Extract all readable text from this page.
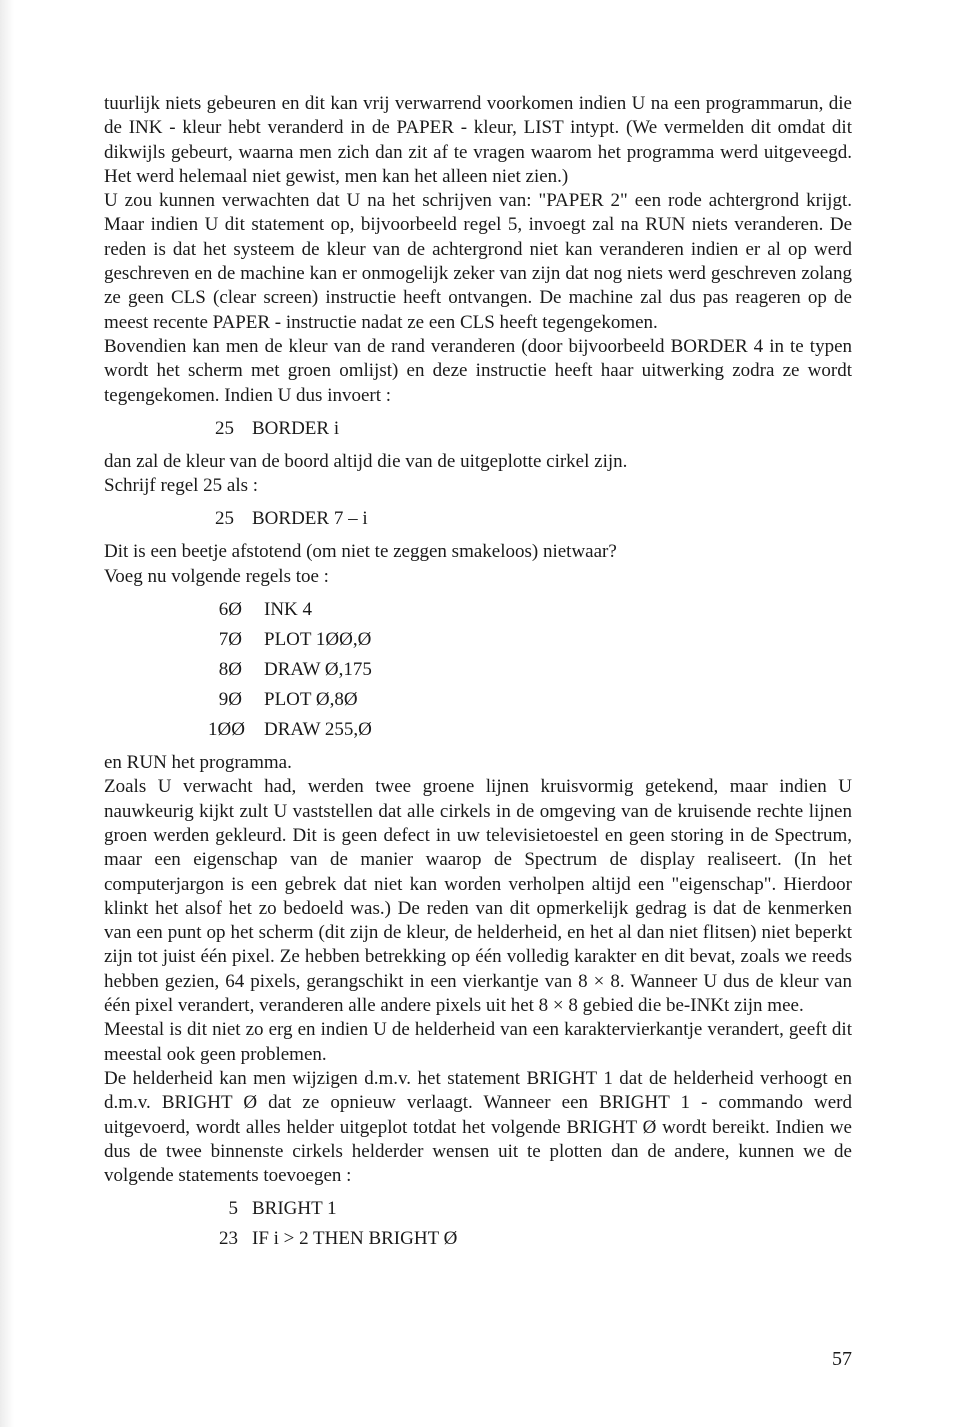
tuurlijk niets gebeuren en dit kan vrij verwarrend voorkomen indien U na een programmarun, die de INK - kleur hebt veranderd in de PAPER - kleur, LIST intypt. (We vermelden dit omdat dit dikwijls gebeurt, waarna men zich dan zit af te vragen waarom het programma werd uitgeveegd. Het werd helemaal niet gewist, men kan het alleen niet zien.)

U zou kunnen verwachten dat U na het schrijven van: "PAPER 2" een rode achtergrond krijgt. Maar indien U dit statement op, bijvoorbeeld regel 5, invoegt zal na RUN niets veranderen. De reden is dat het systeem de kleur van de achtergrond niet kan veranderen indien er al op werd geschreven en de machine kan er onmogelijk zeker van zijn dat nog niets werd geschreven zolang ze geen CLS (clear screen) instructie heeft ontvangen. De machine zal dus pas reageren op de meest recente PAPER - instructie nadat ze een CLS heeft tegengekomen.

Bovendien kan men de kleur van de rand veranderen (door bijvoorbeeld BORDER 4 in te typen wordt het scherm met groen omlijst) en deze instructie heeft haar uitwerking zodra ze wordt tegengekomen. Indien U dus invoert :

25 BORDER i

dan zal de kleur van de boord altijd die van de uitgeplotte cirkel zijn.

Schrijf regel 25 als :

25 BORDER 7 – i

Dit is een beetje afstotend (om niet te zeggen smakeloos) nietwaar?

Voeg nu volgende regels toe :

6Ø INK 4
7Ø PLOT 1ØØ,Ø
8Ø DRAW Ø,175
9Ø PLOT Ø,8Ø
1ØØ DRAW 255,Ø

en RUN het programma.

Zoals U verwacht had, werden twee groene lijnen kruisvormig getekend, maar indien U nauwkeurig kijkt zult U vaststellen dat alle cirkels in de omgeving van de kruisende rechte lijnen groen werden gekleurd. Dit is geen defect in uw televisietoestel en geen storing in de Spectrum, maar een eigenschap van de manier waarop de Spectrum de display realiseert. (In het computerjargon is een gebrek dat niet kan worden verholpen altijd een "eigenschap". Hierdoor klinkt het alsof het zo bedoeld was.) De reden van dit opmerkelijk gedrag is dat de kenmerken van een punt op het scherm (dit zijn de kleur, de helderheid, en het al dan niet flitsen) niet beperkt zijn tot juist één pixel. Ze hebben betrekking op één volledig karakter en dit bevat, zoals we reeds hebben gezien, 64 pixels, gerangschikt in een vierkantje van 8 × 8. Wanneer U dus de kleur van één pixel verandert, veranderen alle andere pixels uit het 8 × 8 gebied die be-INKt zijn mee.

Meestal is dit niet zo erg en indien U de helderheid van een karaktervierkantje verandert, geeft dit meestal ook geen problemen.

De helderheid kan men wijzigen d.m.v. het statement BRIGHT 1 dat de helderheid verhoogt en d.m.v. BRIGHT Ø dat ze opnieuw verlaagt. Wanneer een BRIGHT 1 - commando werd uitgevoerd, wordt alles helder uitgeplot totdat het volgende BRIGHT Ø wordt bereikt. Indien we dus de twee binnenste cirkels helderder wensen uit te plotten dan de andere, kunnen we de volgende statements toevoegen :

5 BRIGHT 1
23 IF i > 2 THEN BRIGHT Ø
57
